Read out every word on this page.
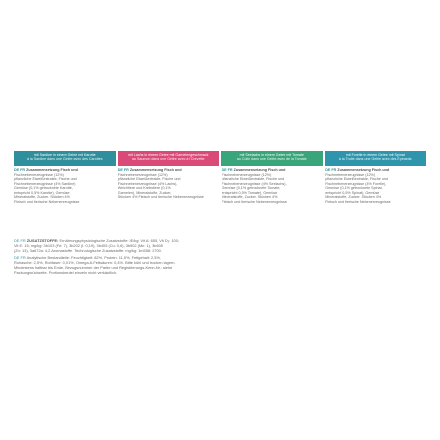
mit Sardine in einem Gelee mit Karotte
à la Sardine dans une Gelée avec des Carottes
mit Lachs in einem Gelee mit Garnelengeschmack
au Saumon dans une Gelée avec à l'Crevette
mit Seelachs in einem Gelee mit Tomate
au Colin dans une Gelée avec de la Tomate
mit Forelle in einem Gelee mit Spinat
à la Truite dans une Gelée avec des Épinards
DE FR Zusammensetzung Fisch und
Fischnebenerzeugnisse (12%)
pflanzliche Eiweißextrakte, Fische und
Fischnebenerzeugnisse (4% Sardine)
Gemüse (0,1% getrocknete Karotte,
entspricht 0,5% Karotte), Gemüse
Mineralstoffe, Zucker. Stücken 4%
Fleisch und tierische Nebenerzeugnisse
DE FR Zusammensetzung Fisch und
Fischnebenerzeugnisse (12%)
pflanzliche Eiweißextrakte, Fische und
Fischnebenerzeugnisse (4% Lachs),
Weichtiere und Krebstiere (0,1%
Garnelen), Mineralstoffe, Zucker,
Stücken 4% Fleisch und tierische Nebenerzeugnisse
DE FR Zusammensetzung Fisch und
Fischnebenerzeugnisse (12%)
pflanzliche Eiweißextrakte, Fische und
Fischnebenerzeugnisse (4% Seelachs),
Gemüse (0,1% getrocknete Tomate,
entspricht 0,5% Tomate), Gemüse
Mineralstoffe, Zucker. Stücken 4%
Fleisch und tierische Nebenerzeugnisse
DE FR Zusammensetzung Fisch und
Fischnebenerzeugnisse (12%)
pflanzliche Eiweißextrakte, Fische und
Fischnebenerzeugnisse (4% Forelle),
Gemüse (0,1% getrocknete Spinat,
entspricht 0,5% Spinat), Gemüse
Mineralstoffe, Zucker. Stücken 4%
Fleisch und tierische Nebenerzeugnisse
DE FR ZUSATZSTOFFE: Ernährungsphysiologische Zusatzstoffe: IE/kg: Vit A: 655, Vit D₃: 100;
Vit E: 15; mg/kg: 3b103 (Fe: 7), 3b202 (I: 0,19), 3b405 (Cu: 0,6), 3b502 (Mn: 1), 3b605
(Zn: 13), 3a672a: 4,2 Aromastoffe. Technologische Zusatzstoffe: mg/kg: 1m558: 2700.
DE FR Analytische Bestandteile: Feuchtigkeit: 82%, Protein: 11,5%, Fettgehalt: 2,5%,
Rohasche: 2,5%, Rohfaser: 0,01%, Omega-6-Fettsäuren: 0,4%. Bitte kühl und trocken lagern.
Mindestens haltbar bis Ende, Bezugsnummer der Partie und Registrierungs-Kenn-Nr.: siehe
Packungsrückseite. Portionsbeutel einzeln nicht verkäuflich.
